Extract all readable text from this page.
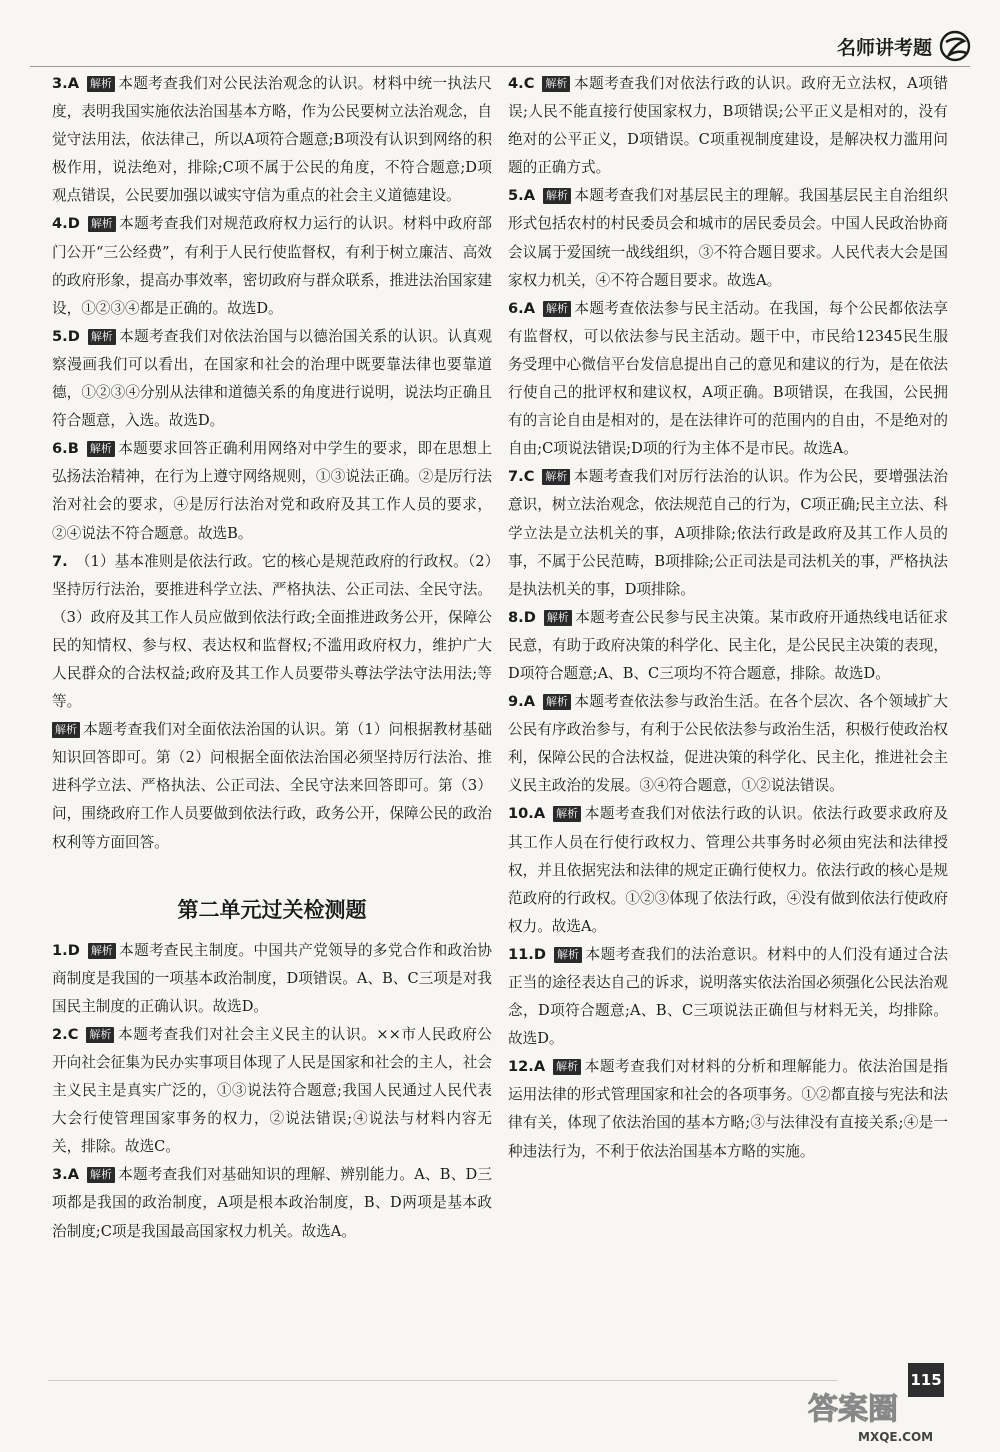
名师讲考题

3.A 解析 本题考查我们对公民法治观念的认识。材料中统一执法尺度，表明我国实施依法治国基本方略，作为公民要树立法治观念，自觉守法用法，依法律己，所以A项符合题意;B项没有认识到网络的积极作用，说法绝对，排除;C项不属于公民的角度，不符合题意;D项观点错误，公民要加强以诚实守信为重点的社会主义道德建设。

4.D 解析 本题考查我们对规范政府权力运行的认识。材料中政府部门公开“三公经费”，有利于人民行使监督权，有利于树立廉洁、高效的政府形象，提高办事效率，密切政府与群众联系，推进法治国家建设，①②③④都是正确的。故选D。

5.D 解析 本题考查我们对依法治国与以德治国关系的认识。认真观察漫画我们可以看出，在国家和社会的治理中既要靠法律也要靠道德，①②③④分别从法律和道德关系的角度进行说明，说法均正确且符合题意，入选。故选D。

6.B 解析 本题要求回答正确利用网络对中学生的要求，即在思想上弘扬法治精神，在行为上遵守网络规则，①③说法正确。②是厉行法治对社会的要求，④是厉行法治对党和政府及其工作人员的要求，②④说法不符合题意。故选B。

7. （1）基本准则是依法行政。它的核心是规范政府的行政权。（2）坚持厉行法治，要推进科学立法、严格执法、公正司法、全民守法。（3）政府及其工作人员应做到依法行政;全面推进政务公开，保障公民的知情权、参与权、表达权和监督权;不滥用政府权力，维护广大人民群众的合法权益;政府及其工作人员要带头尊法学法守法用法;等等。

解析 本题考查我们对全面依法治国的认识。第（1）问根据教材基础知识回答即可。第（2）问根据全面依法治国必须坚持厉行法治、推进科学立法、严格执法、公正司法、全民守法来回答即可。第（3）问，围绕政府工作人员要做到依法行政，政务公开，保障公民的政治权利等方面回答。

第二单元过关检测题

1.D 解析 本题考查民主制度。中国共产党领导的多党合作和政治协商制度是我国的一项基本政治制度，D项错误。A、B、C三项是对我国民主制度的正确认识。故选D。

2.C 解析 本题考查我们对社会主义民主的认识。××市人民政府公开向社会征集为民办实事项目体现了人民是国家和社会的主人，社会主义民主是真实广泛的，①③说法符合题意;我国人民通过人民代表大会行使管理国家事务的权力，②说法错误;④说法与材料内容无关，排除。故选C。

3.A 解析 本题考查我们对基础知识的理解、辨别能力。A、B、D三项都是我国的政治制度，A项是根本政治制度，B、D两项是基本政治制度;C项是我国最高国家权力机关。故选A。

4.C 解析 本题考查我们对依法行政的认识。政府无立法权，A项错误;人民不能直接行使国家权力，B项错误;公平正义是相对的，没有绝对的公平正义，D项错误。C项重视制度建设，是解决权力滥用问题的正确方式。

5.A 解析 本题考查我们对基层民主的理解。我国基层民主自治组织形式包括农村的村民委员会和城市的居民委员会。中国人民政治协商会议属于爱国统一战线组织，③不符合题目要求。人民代表大会是国家权力机关，④不符合题目要求。故选A。

6.A 解析 本题考查依法参与民主活动。在我国，每个公民都依法享有监督权，可以依法参与民主活动。题干中，市民给12345民生服务受理中心微信平台发信息提出自己的意见和建议的行为，是在依法行使自己的批评权和建议权，A项正确。B项错误，在我国，公民拥有的言论自由是相对的，是在法律许可的范围内的自由，不是绝对的自由;C项说法错误;D项的行为主体不是市民。故选A。

7.C 解析 本题考查我们对厉行法治的认识。作为公民，要增强法治意识，树立法治观念，依法规范自己的行为，C项正确;民主立法、科学立法是立法机关的事，A项排除;依法行政是政府及其工作人员的事，不属于公民范畴，B项排除;公正司法是司法机关的事，严格执法是执法机关的事，D项排除。

8.D 解析 本题考查公民参与民主决策。某市政府开通热线电话征求民意，有助于政府决策的科学化、民主化，是公民民主决策的表现，D项符合题意;A、B、C三项均不符合题意，排除。故选D。

9.A 解析 本题考查依法参与政治生活。在各个层次、各个领域扩大公民有序政治参与，有利于公民依法参与政治生活，积极行使政治权利，保障公民的合法权益，促进决策的科学化、民主化，推进社会主义民主政治的发展。③④符合题意，①②说法错误。

10.A 解析 本题考查我们对依法行政的认识。依法行政要求政府及其工作人员在行使行政权力、管理公共事务时必须由宪法和法律授权，并且依据宪法和法律的规定正确行使权力。依法行政的核心是规范政府的行政权。①②③体现了依法行政，④没有做到依法行使政府权力。故选A。

11.D 解析 本题考查我们的法治意识。材料中的人们没有通过合法正当的途径表达自己的诉求，说明落实依法治国必须强化公民法治观念，D项符合题意;A、B、C三项说法正确但与材料无关，均排除。故选D。

12.A 解析 本题考查我们对材料的分析和理解能力。依法治国是指运用法律的形式管理国家和社会的各项事务。①②都直接与宪法和法律有关，体现了依法治国的基本方略;③与法律没有直接关系;④是一种违法行为，不利于依法治国基本方略的实施。

115
答案圈
MXQE.COM
